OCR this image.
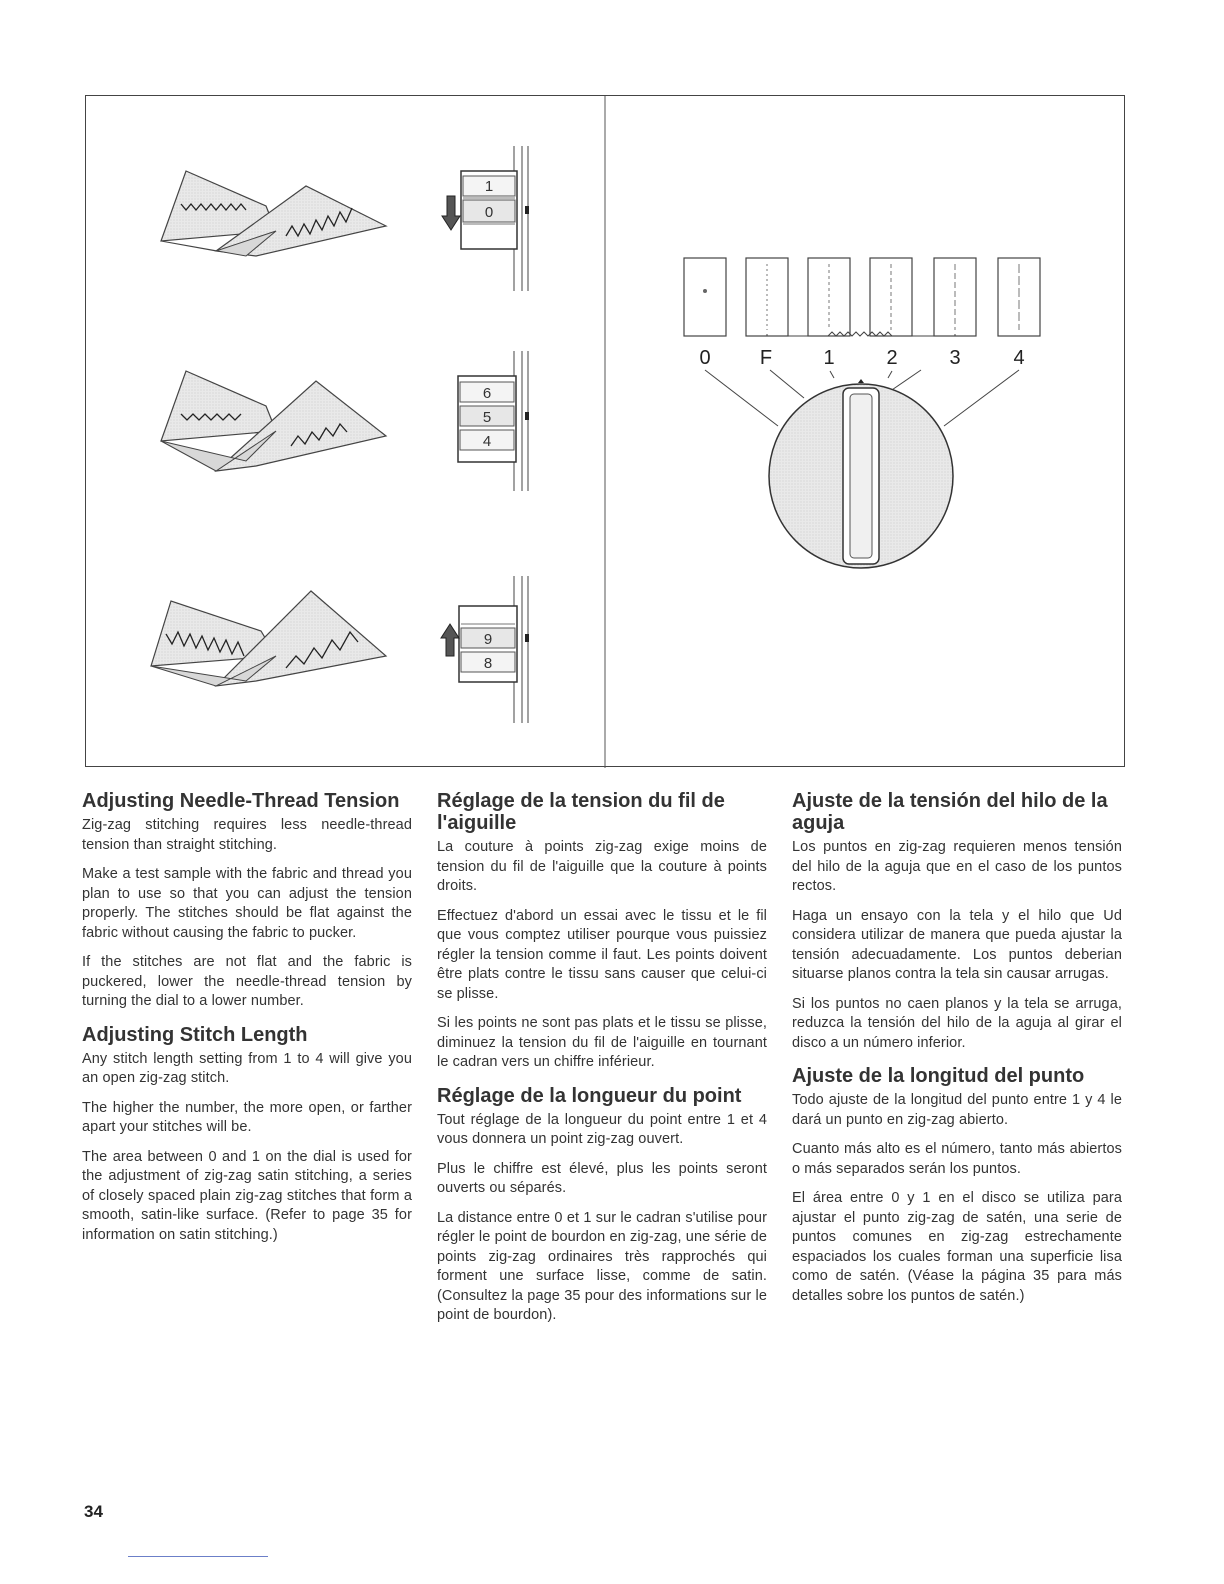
1
0
6
5
4
9
8
0 F	1	2	3	4
Adjusting Needle-Thread Tension

Zig-zag stitching requires less needle-thread tension than straight stitching.

Make a test sample with the fabric and thread you plan to use so that you can adjust the tension properly. The stitches should be flat against the fabric without causing the fabric to pucker.

If the stitches are not flat and the fabric is puckered, lower the needle-thread tension by turning the dial to a lower number.

Adjusting Stitch Length

Any stitch length setting from 1 to 4 will give you an open zig-zag stitch.

The higher the number, the more open, or farther apart your stitches will be.

The area between 0 and 1 on the dial is used for the adjustment of zig-zag satin stitching, a series of closely spaced plain zig-zag stitches that form a smooth, satin-like surface. (Refer to page 35 for information on satin stitching.)

Réglage de la tension du fil de l'aiguille

La couture à points zig-zag exige moins de tension du fil de l'aiguille que la couture à points droits.

Effectuez d'abord un essai avec le tissu et le fil que vous comptez utiliser pourque vous puissiez régler la tension comme il faut. Les points doivent être plats contre le tissu sans causer que celui-ci se plisse.

Si les points ne sont pas plats et le tissu se plisse, diminuez la tension du fil de l'aiguille en tournant le cadran vers un chiffre inférieur.

Réglage de la longueur du point

Tout réglage de la longueur du point entre 1 et 4 vous donnera un point zig-zag ouvert.

Plus le chiffre est élevé, plus les points seront ouverts ou séparés.

La distance entre 0 et 1 sur le cadran s'utilise pour régler le point de bourdon en zig-zag, une série de points zig-zag ordinaires très rapprochés qui forment une surface lisse, comme de satin. (Consultez la page 35 pour des informations sur le point de bourdon).

Ajuste de la tensión del hilo de la aguja

Los puntos en zig-zag requieren menos tensión del hilo de la aguja que en el caso de los puntos rectos.

Haga un ensayo con la tela y el hilo que Ud considera utilizar de manera que pueda ajustar la tensión adecuadamente. Los puntos deberian situarse planos contra la tela sin causar arrugas.

Si los puntos no caen planos y la tela se arruga, reduzca la tensión del hilo de la aguja al girar el disco a un número inferior.

Ajuste de la longitud del punto

Todo ajuste de la longitud del punto entre 1 y 4 le dará un punto en zig-zag abierto.

Cuanto más alto es el número, tanto más abiertos o más separados serán los puntos.

El área entre 0 y 1 en el disco se utiliza para ajustar el punto zig-zag de satén, una serie de puntos comunes en zig-zag estrechamente espaciados los cuales forman una superficie lisa como de satén. (Véase la página 35 para más detalles sobre los puntos de satén.)

34
